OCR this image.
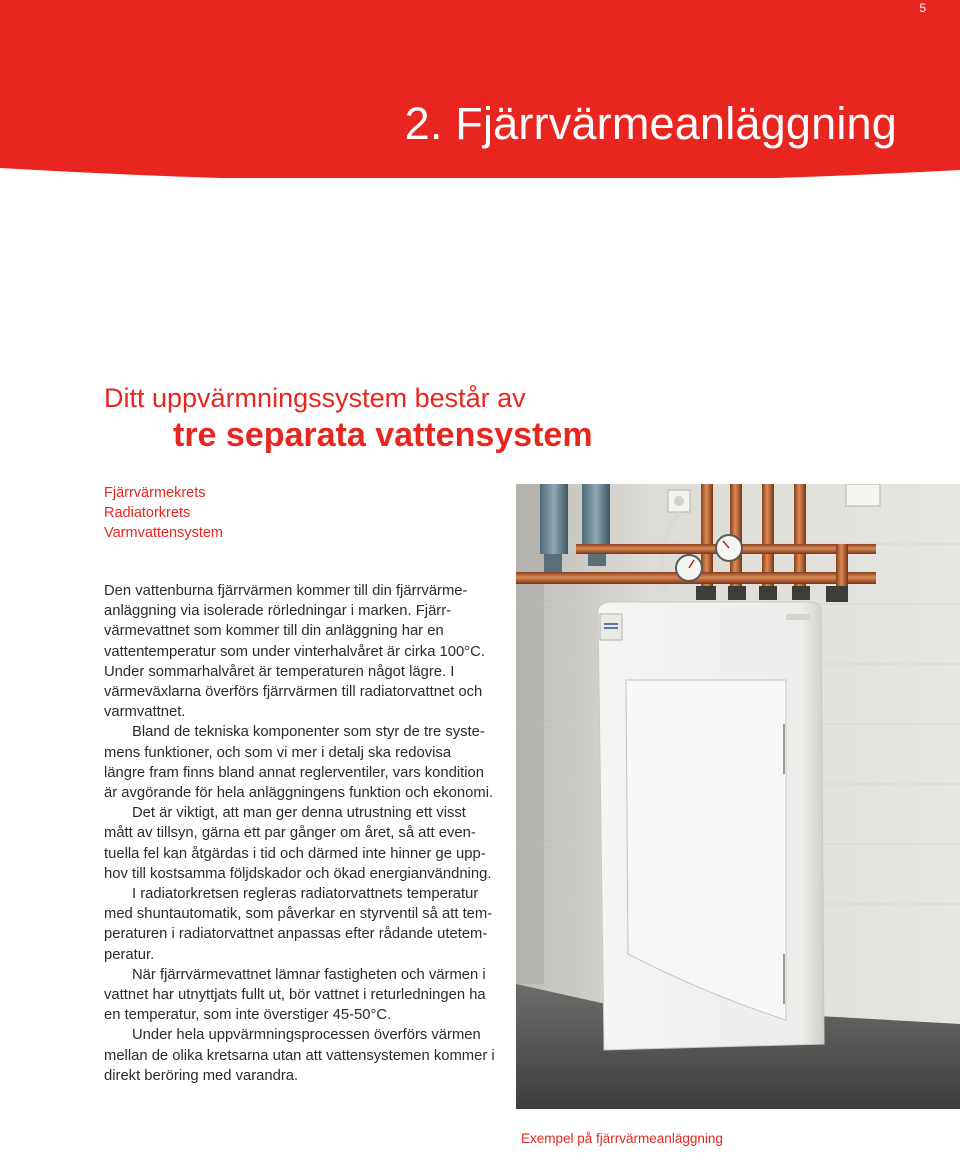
5
2. Fjärrvärmeanläggning
Ditt uppvärmningssystem består av
tre separata vattensystem
Fjärrvärmekrets
Radiatorkrets
Varmvattensystem

Den vattenburna fjärrvärmen kommer till din fjärrvärmeanläggning via isolerade rörledningar i marken. Fjärrvärmevattnet som kommer till din anläggning har en vattentemperatur som under vinterhalvåret är cirka 100°C. Under sommarhalvåret är temperaturen något lägre. I värmeväxlarna överförs fjärrvärmen till radiatorvattnet och varmvattnet.

Bland de tekniska komponenter som styr de tre systemens funktioner, och som vi mer i detalj ska redovisa längre fram finns bland annat reglerventiler, vars kondition är avgörande för hela anläggningens funktion och ekonomi.

Det är viktigt, att man ger denna utrustning ett visst mått av tillsyn, gärna ett par gånger om året, så att eventuella fel kan åtgärdas i tid och därmed inte hinner ge upphov till kostsamma följdskador och ökad energianvändning.

I radiatorkretsen regleras radiatorvattnets temperatur med shuntautomatik, som påverkar en styrventil så att temperaturen i radiatorvattnet anpassas efter rådande utetemperatur.

När fjärrvärmevattnet lämnar fastigheten och värmen i vattnet har utnyttjats fullt ut, bör vattnet i returledningen ha en temperatur, som inte överstiger 45-50°C.

Under hela uppvärmningsprocessen överförs värmen mellan de olika kretsarna utan att vattensystemen kommer i direkt beröring med varandra.

Exempel på fjärrvärmeanläggning
